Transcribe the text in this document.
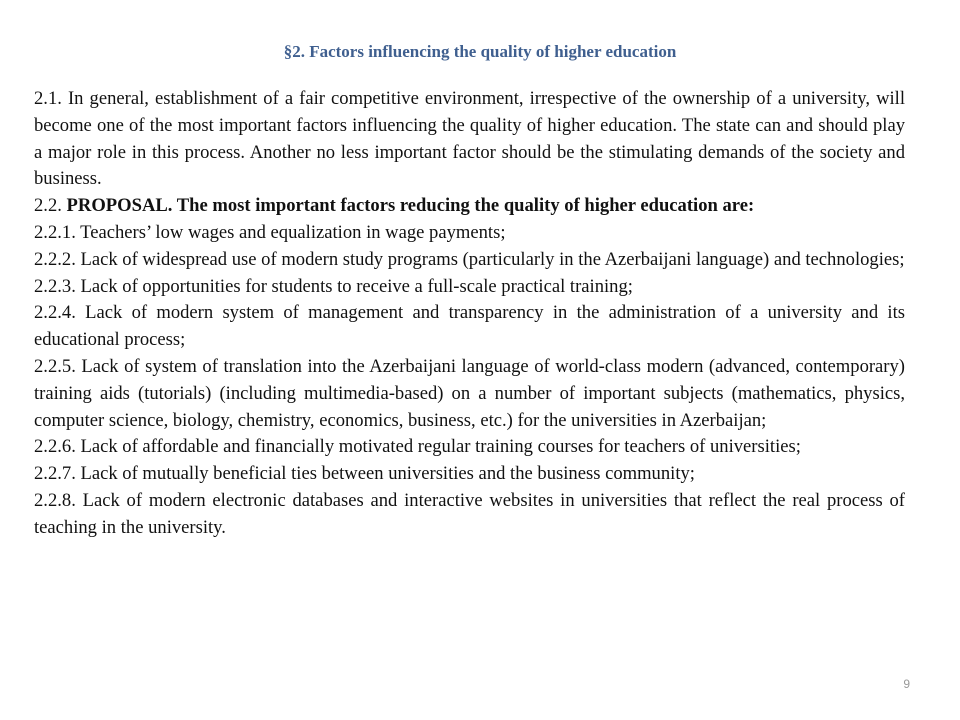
§2. Factors influencing the quality of higher education

2.1. In general, establishment of a fair competitive environment, irrespective of the ownership of a university, will become one of the most important factors influencing the quality of higher education. The state can and should play a major role in this process. Another no less important factor should be the stimulating demands of the society and business.

2.2. PROPOSAL. The most important factors reducing the quality of higher education are:

2.2.1. Teachers’ low wages and equalization in wage payments;

2.2.2. Lack of widespread use of modern study programs (particularly in the Azerbaijani language) and technologies;

2.2.3. Lack of opportunities for students to receive a full-scale practical training;

2.2.4. Lack of modern system of management and transparency in the administration of a university and its educational process;

2.2.5. Lack of system of translation into the Azerbaijani language of world-class modern (advanced, contemporary) training aids (tutorials) (including multimedia-based) on a number of important subjects (mathematics, physics, computer science, biology, chemistry, economics, business, etc.) for the universities in Azerbaijan;

2.2.6. Lack of affordable and financially motivated regular training courses for teachers of universities;

2.2.7. Lack of mutually beneficial ties between universities and the business community;

2.2.8. Lack of modern electronic databases and interactive websites in universities that reflect the real process of teaching in the university.

9
